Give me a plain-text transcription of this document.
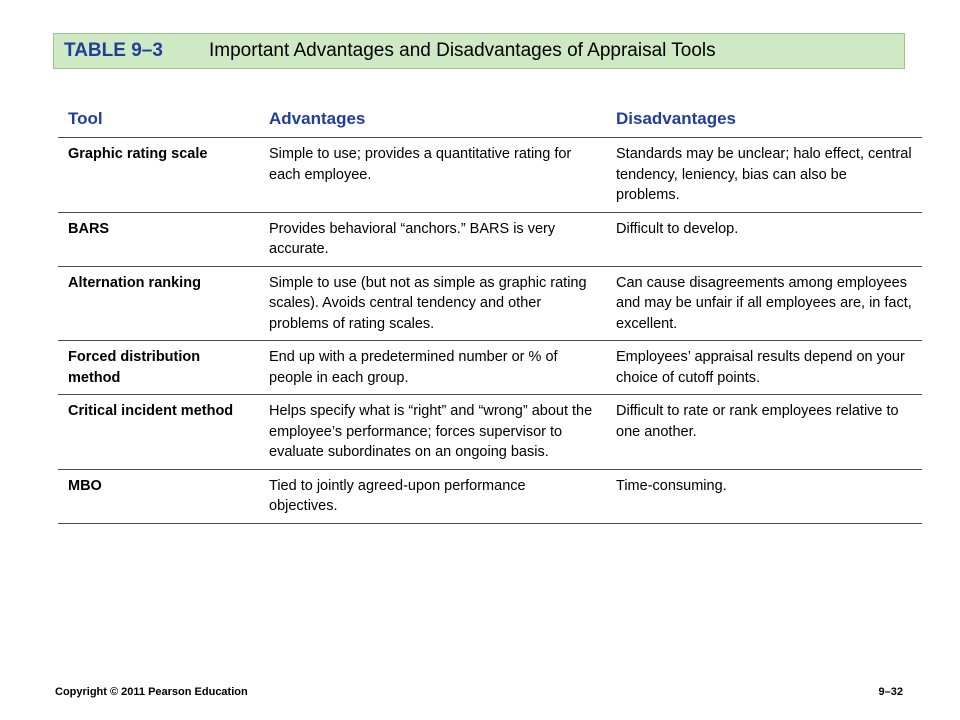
TABLE 9–3	Important Advantages and Disadvantages of Appraisal Tools
Tool	Advantages	Disadvantages
Graphic rating scale	Simple to use; provides a quantitative rating for each employee.	Standards may be unclear; halo effect, central tendency, leniency, bias can also be problems.
BARS	Provides behavioral “anchors.” BARS is very accurate.	Difficult to develop.
Alternation ranking	Simple to use (but not as simple as graphic rating scales). Avoids central tendency and other problems of rating scales.	Can cause disagreements among employees and may be unfair if all employees are, in fact, excellent.
Forced distribution method	End up with a predetermined number or % of people in each group.	Employees’ appraisal results depend on your choice of cutoff points.
Critical incident method	Helps specify what is “right” and “wrong” about the employee’s performance; forces supervisor to evaluate subordinates on an ongoing basis.	Difficult to rate or rank employees relative to one another.
MBO	Tied to jointly agreed-upon performance objectives.	Time-consuming.
Copyright © 2011 Pearson Education	9–32
